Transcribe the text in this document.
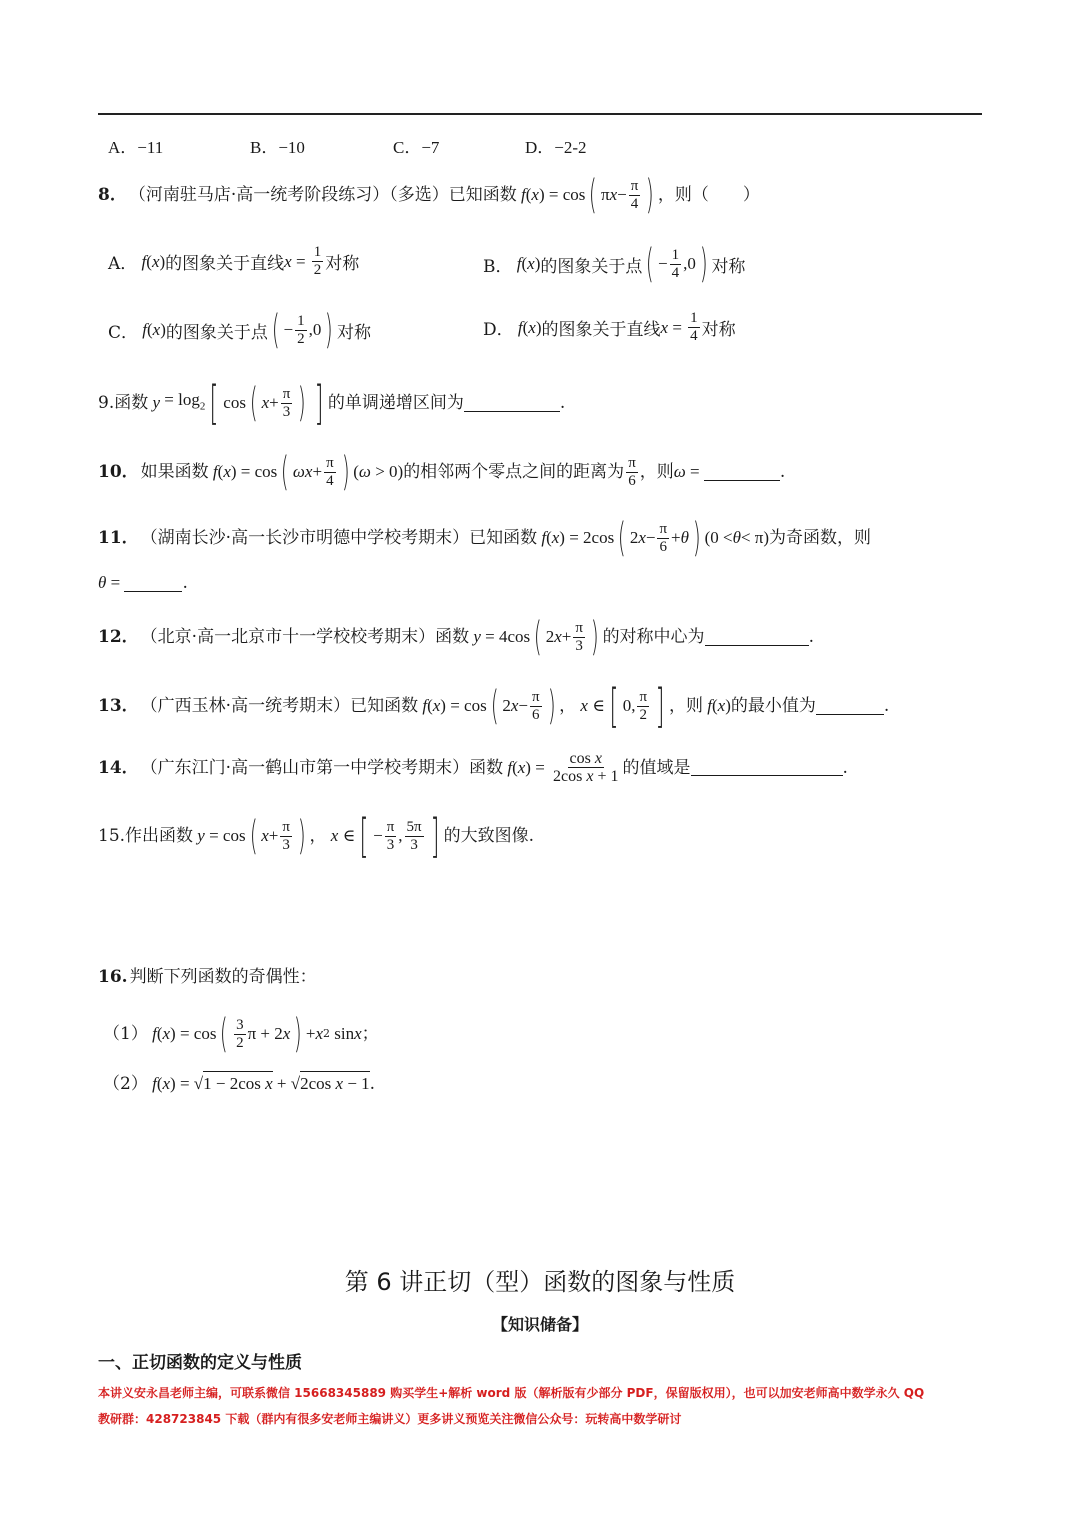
A．−11	B．−10	C．−7	D．−2-2
8． （河南驻马店·高一统考阶段练习）（多选）已知函数 f ( x ) = cos ( π $x - \frac{\pi}{4}$ ) ，则（　　）
A． f ( x ) 的图象关于直线 $x = \frac{1}{2}$ 对称	B． f ( x ) 的图象关于点 ( − $\frac{1}{4} ,0$ ) 对称
C． f ( x ) 的图象关于点 ( − $\frac{1}{2} ,0$ ) 对称	D． f ( x ) 的图象关于直线 $x = \frac{1}{4}$ 对称
9.函数 $y = \log_2$ [ cos ( $x + \frac{\pi}{3}$ ) ] 的单调递增区间为	.
10． 如果函数 f ( x ) = cos ( $\omega x + \frac{\pi}{4}$ ) ( ω > 0) 的相邻两个零点之间的距离为 $\frac{\pi}{6}$ ，则 ω =	.
11． （湖南长沙·高一长沙市明德中学校考期末）已知函数 f ( x ) = 2cos ( 2 $x - \frac{\pi}{6} + \theta$ ) (0 < θ < π) 为奇函数，则
θ =	.
12． （北京·高一北京市十一学校校考期末）函数 y = 4cos ( 2 $x + \frac{\pi}{3}$ ) 的对称中心为	.
13． （广西玉林·高一统考期末）已知函数 f ( x ) = cos ( 2 $x - \frac{\pi}{6}$ ) ， x ∈ [ 0, $\frac{\pi}{2}$ ] ，则 f ( x ) 的最小值为	.
14． （广东江门·高一鹤山市第一中学校考期末）函数 f ( x ) = $\frac{\text{cos x}}{\text{2cos x + 1}}$ 的值域是	.
15.作出函数 y = cos ( $x + \frac{\pi}{3}$ ) ， x ∈ [ − $\frac{\pi}{3}$ , $\frac{5\pi}{3}$ ] 的大致图像.
16. 判断下列函数的奇偶性：
（1） f ( x ) = cos ( $\frac{3}{2}$ π + 2 x ) + x 2 sin x ；
（2） f ( x ) = √ 1 − 2cos x + √ 2cos x − 1 .
第 6 讲正切（型）函数的图象与性质
【知识储备】
一、正切函数的定义与性质
本讲义安永昌老师主编，可联系微信 15668345889 购买学生+解析 word 版（解析版有少部分 PDF，保留版权用），也可以加安老师高中数学永久 QQ
教研群：428723845 下载（群内有很多安老师主编讲义）更多讲义预览关注微信公众号：玩转高中数学研讨
